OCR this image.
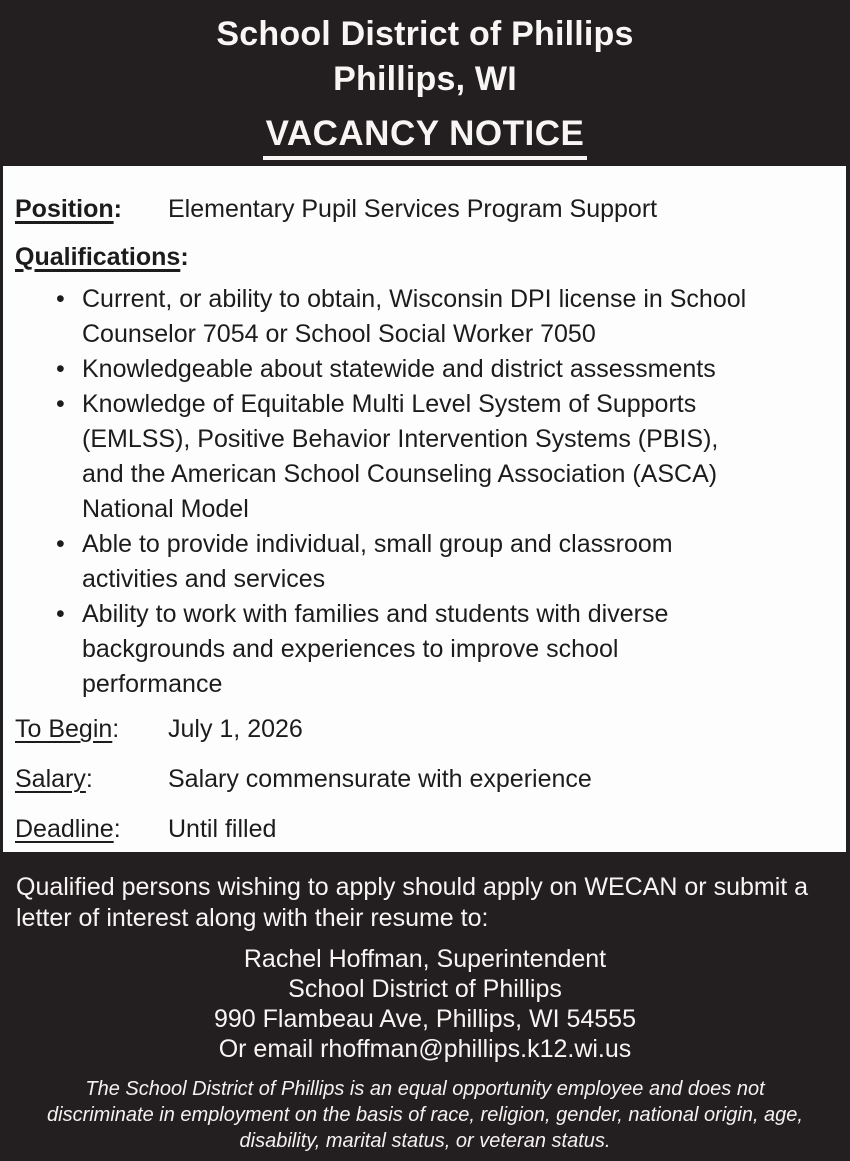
School District of Phillips
Phillips, WI
VACANCY NOTICE
Position:	Elementary Pupil Services Program Support
Qualifications:
• Current, or ability to obtain, Wisconsin DPI license in School
Counselor 7054 or School Social Worker 7050
• Knowledgeable about statewide and district assessments
• Knowledge of Equitable Multi Level System of Supports
(EMLSS), Positive Behavior Intervention Systems (PBIS),
and the American School Counseling Association (ASCA)
National Model
• Able to provide individual, small group and classroom
activities and services
• Ability to work with families and students with diverse
backgrounds and experiences to improve school
performance
To Begin:	July 1, 2026
Salary:	Salary commensurate with experience
Deadline:	Until filled
Qualified persons wishing to apply should apply on WECAN or submit a
letter of interest along with their resume to:
Rachel Hoffman, Superintendent
School District of Phillips
990 Flambeau Ave, Phillips, WI 54555
Or email rhoffman@phillips.k12.wi.us
The School District of Phillips is an equal opportunity employee and does not
discriminate in employment on the basis of race, religion, gender, national origin, age,
disability, marital status, or veteran status.
